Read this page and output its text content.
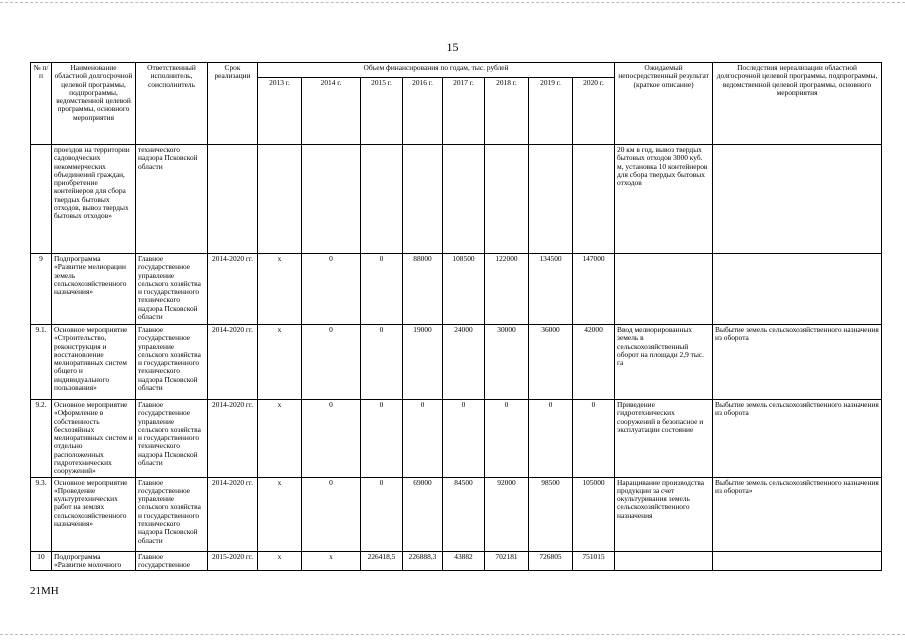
15
№ п/п	Наименование областной долгосрочной целевой программы, подпрограммы, ведомственной целевой программы, основного мероприятия	Ответственный исполнитель, соисполнитель	Срок реализации	Объем финансирования по годам, тыс. рублей								Ожидаемый непосредственный результат (краткое описание)	Последствия нереализации областной долгосрочной целевой программы, подпрограммы, ведомственной целевой программы, основного мероприятия
				2013 г.	2014 г.	2015 г.	2016 г.	2017 г.	2018 г.	2019 г.	2020 г.		
	проездов на территории садоводческих некоммерческих объединений граждан, приобретение контейнеров для сбора твердых бытовых отходов, вывоз твердых бытовых отходов»	технического надзора Псковской области										20 км в год, вывоз твердых бытовых отходов 3000 куб. м, установка 10 контейнеров для сбора твердых бытовых отходов	
9	Подпрограмма «Развитие мелиорации земель сельскохозяйственного назначения»	Главное государственное управление сельского хозяйства и государственного технического надзора Псковской области	2014-2020 гг.	х	0	0	88000	108500	122000	134500	147000		
9.1.	Основное мероприятие «Строительство, реконструкция и восстановление мелиоративных систем общего и индивидуального пользования»	Главное государственное управление сельского хозяйства и государственного технического надзора Псковской области	2014-2020 гг.	х	0	0	19000	24000	30000	36000	42000	Ввод мелиорированных земель в сельскохозяйственный оборот на площади 2,9 тыс. га	Выбытие земель сельскохозяйственного назначения из оборота
9.2.	Основное мероприятие «Оформление в собственность бесхозяйных мелиоративных систем и отдельно расположенных гидротехнических сооружений»	Главное государственное управление сельского хозяйства и государственного технического надзора Псковской области	2014-2020 гг.	х	0	0	0	0	0	0	0	Приведение гидротехнических сооружений в безопасное и эксплуатации состояние	Выбытие земель сельскохозяйственного назначения из оборота
9.3.	Основное мероприятие «Проведение культуртехнических работ на землях сельскохозяйственного назначения»	Главное государственное управление сельского хозяйства и государственного технического надзора Псковской области	2014-2020 гг.	х	0	0	69000	84500	92000	98500	105000	Наращивание производства продукции за счет окультуривания земель сельскохозяйственного назначения	Выбытие земель сельскохозяйственного назначения из оборота»
10	Подпрограмма «Развитие молочного	Главное государственное	2015-2020 гг.	х	х	226418,5	226888,3	43882	702181	726805	751015		
21МН
